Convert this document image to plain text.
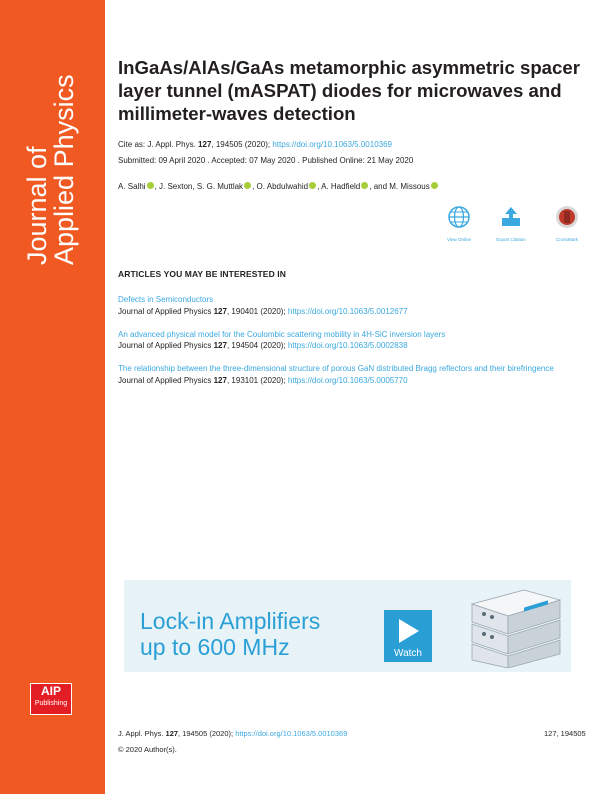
Journal of
Applied Physics
AIP
Publishing
InGaAs/AlAs/GaAs metamorphic asymmetric spacer layer tunnel (mASPAT) diodes for microwaves and millimeter-waves detection
Cite as: J. Appl. Phys. 127, 194505 (2020); https://doi.org/10.1063/5.0010369
Submitted: 09 April 2020 . Accepted: 07 May 2020 . Published Online: 21 May 2020
A. Salhi , J. Sexton, S. G. Muttlak , O. Abdulwahid , A. Hadfield , and M. Missous
View Online	Export Citation	CrossMark
ARTICLES YOU MAY BE INTERESTED IN
Defects in Semiconductors
Journal of Applied Physics 127, 190401 (2020); https://doi.org/10.1063/5.0012677
An advanced physical model for the Coulombic scattering mobility in 4H-SiC inversion layers
Journal of Applied Physics 127, 194504 (2020); https://doi.org/10.1063/5.0002838
The relationship between the three-dimensional structure of porous GaN distributed Bragg reflectors and their birefringence
Journal of Applied Physics 127, 193101 (2020); https://doi.org/10.1063/5.0005770
Lock-in Amplifiers
up to 600 MHz	Watch
J. Appl. Phys. 127, 194505 (2020); https://doi.org/10.1063/5.0010369	127, 194505
© 2020 Author(s).
